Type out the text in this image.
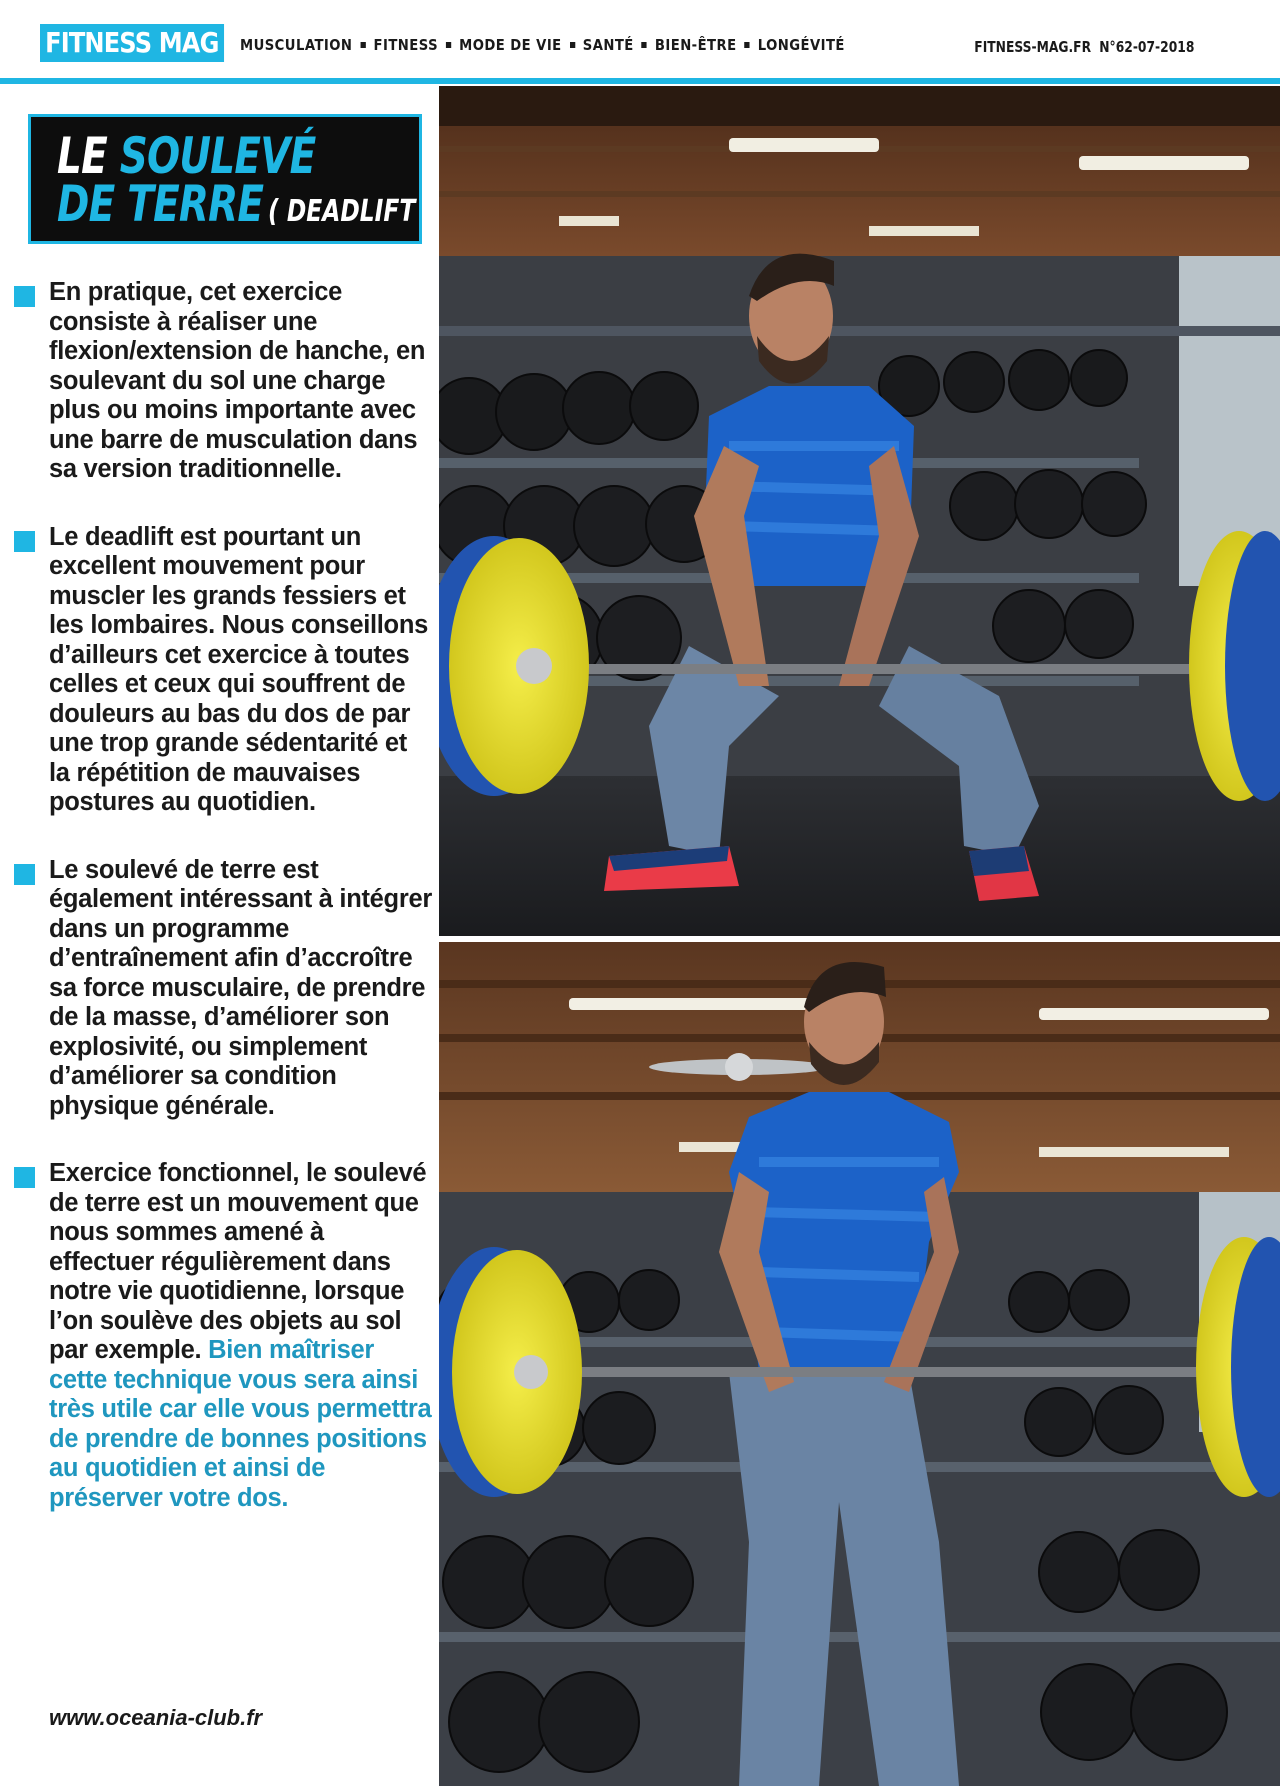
FITNESS MAG	MUSCULATION FITNESS MODE DE VIE SANTÉ BIEN-ÊTRE LONGÉVITÉ	FITNESS-MAG.FR N°62-07-2018
LE SOULEVÉ
DE TERRE ( DEADLIFT )

En pratique, cet exercice consiste à réaliser une flexion/extension de hanche, en soulevant du sol une charge plus ou moins importante avec une barre de musculation dans sa version traditionnelle.

Le deadlift est pourtant un excellent mouvement pour muscler les grands fessiers et les lombaires. Nous conseillons d’ailleurs cet exercice à toutes celles et ceux qui souffrent de douleurs au bas du dos de par une trop grande sédentarité et la répétition de mauvaises postures au quotidien.

Le soulevé de terre est également intéressant à intégrer dans un programme d’entraînement afin d’accroître sa force musculaire, de prendre de la masse, d’améliorer son explosivité, ou simplement d’améliorer sa condition physique générale.

Exercice fonctionnel, le soulevé de terre est un mouvement que nous sommes amené à effectuer régulièrement dans notre vie quotidienne, lorsque l’on soulève des objets au sol par exemple. Bien maîtriser cette technique vous sera ainsi très utile car elle vous permettra de prendre de bonnes positions au quotidien et ainsi de préserver votre dos.

www.oceania-club.fr
